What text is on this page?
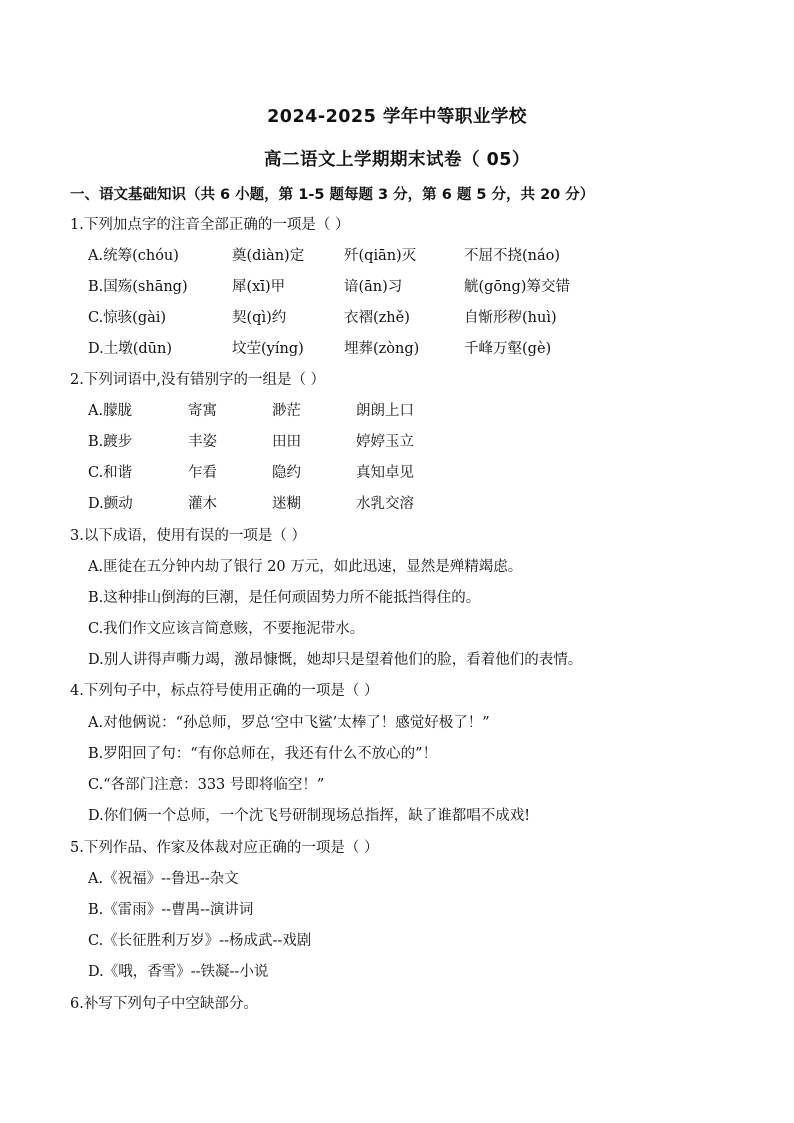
2024-2025 学年中等职业学校
高二语文上学期期末试卷（ 05）
一、语文基础知识（共 6 小题，第 1-5 题每题 3 分，第 6 题 5 分，共 20 分）
1.下列加点字的注音全部正确的一项是（ ）
A.统筹(chóu)	奠(diàn)定	歼(qiān)灭	不屈不挠(náo)
B.国殇(shāng)	犀(xī)甲	谙(ān)习	觥(gōng)筹交错
C.惊骇(gài)	契(qì)约	衣褶(zhě)	自惭形秽(huì)
D.土墩(dūn)	坟茔(yíng)	埋葬(zòng)	千峰万壑(gè)
2.下列词语中,没有错别字的一组是（ ）
A.朦胧	寄寓	渺茫	朗朗上口
B.踱步	丰姿	田田	婷婷玉立
C.和谐	乍看	隐约	真知卓见
D.颤动	灌木	迷糊	水乳交溶
3.以下成语，使用有误的一项是（ ）
A.匪徒在五分钟内劫了银行 20 万元，如此迅速，显然是殚精竭虑。
B.这种排山倒海的巨潮，是任何顽固势力所不能抵挡得住的。
C.我们作文应该言简意赅，不要拖泥带水。
D.别人讲得声嘶力竭，激昂慷慨，她却只是望着他们的脸，看着他们的表情。
4.下列句子中，标点符号使用正确的一项是（ ）
A.对他俩说：“孙总师，罗总‘空中飞鲨’太棒了！感觉好极了！”
B.罗阳回了句：“有你总师在，我还有什么不放心的”！
C.“各部门注意：333 号即将临空！”
D.你们俩一个总师，一个沈飞号研制现场总指挥，缺了谁都唱不成戏!
5.下列作品、作家及体裁对应正确的一项是（ ）
A.《祝福》--鲁迅--杂文
B.《雷雨》--曹禺--演讲词
C.《长征胜利万岁》--杨成武--戏剧
D.《哦，香雪》--铁凝--小说
6.补写下列句子中空缺部分。
